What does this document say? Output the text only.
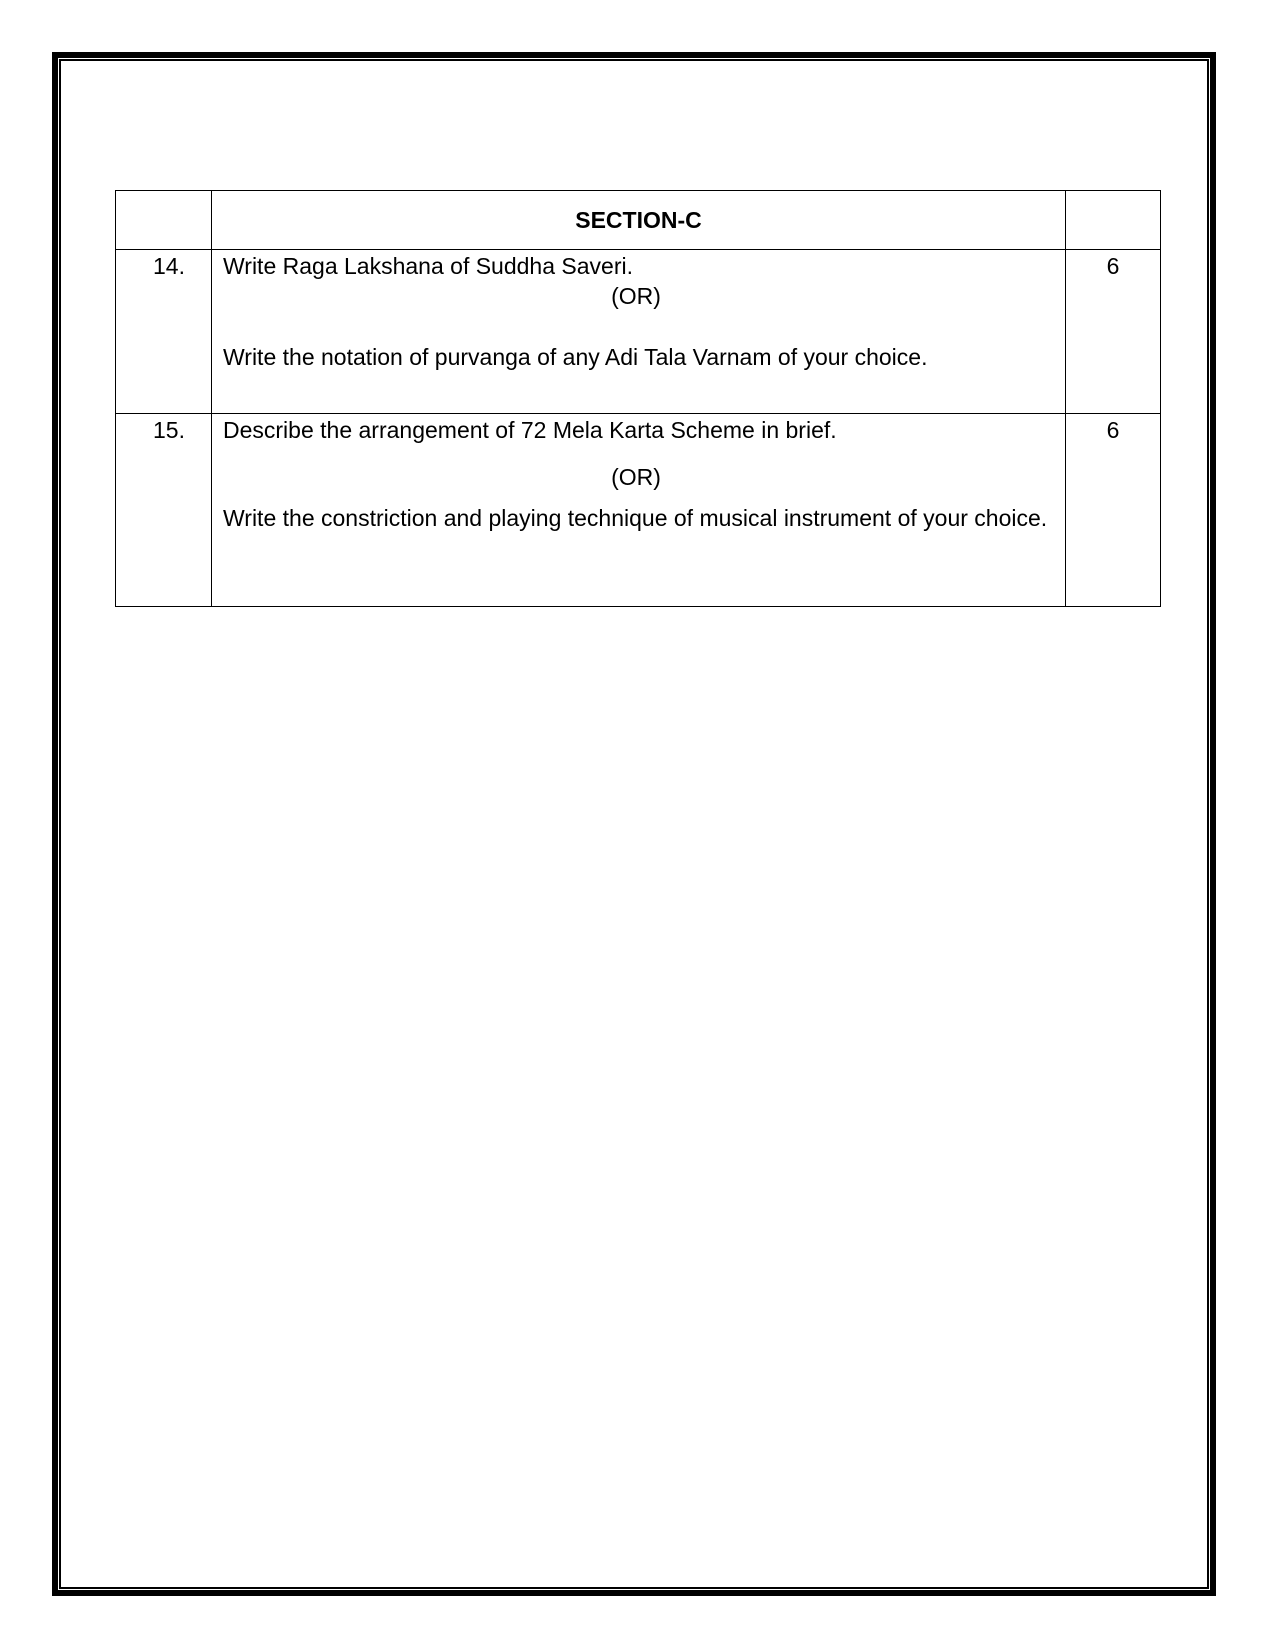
	SECTION-C	
14.	Write Raga Lakshana of Suddha Saveri.
(OR)
Write the notation of purvanga of any Adi Tala Varnam of your choice.	6
15.	Describe the arrangement of 72 Mela Karta Scheme in brief.
(OR)
Write the constriction and playing technique of musical instrument of your choice.	6
